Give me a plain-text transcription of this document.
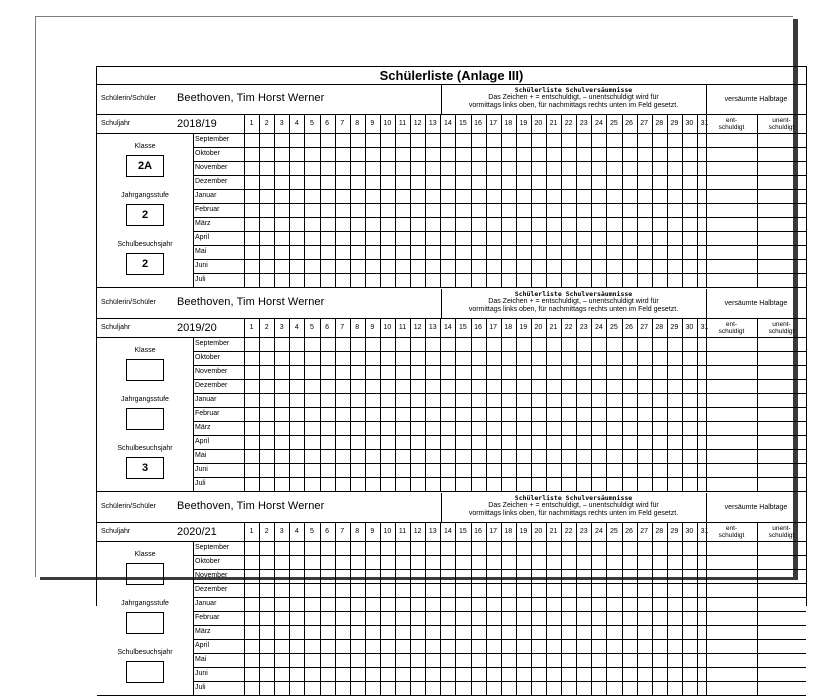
Schülerliste (Anlage III)
Schülerin/Schüler Beethoven, Tim Horst Werner
Schülerliste Schulversäumnisse
Das Zeichen + = entschuldigt, – unentschuldigt wird für
vormittags links oben, für nachmittags rechts unten im Feld gesetzt.
versäumte Halbtage
Schuljahr	2018/19	1	2	3	4	5	6	7	8	9	10	11	12	13	14	15	16	17	18	19	20	21	22	23	24	25	26	27	28	29	30	31	ent-
schuldigt
unent-
schuldigt
September
Oktober
November
Dezember
Januar
Februar
März
April
Mai
Juni
Juli
Klasse
2A
Jahrgangsstufe
2
Schulbesuchsjahr
2
Schülerin/Schüler Beethoven, Tim Horst Werner
Schülerliste Schulversäumnisse
Das Zeichen + = entschuldigt, – unentschuldigt wird für
vormittags links oben, für nachmittags rechts unten im Feld gesetzt.
versäumte Halbtage
Schuljahr	2019/20	1	2	3	4	5	6	7	8	9	10	11	12	13	14	15	16	17	18	19	20	21	22	23	24	25	26	27	28	29	30	31	ent-
schuldigt
unent-
schuldigt
September
Oktober
November
Dezember
Januar
Februar
März
April
Mai
Juni
Juli
Klasse
Jahrgangsstufe
Schulbesuchsjahr
3
Schülerin/Schüler Beethoven, Tim Horst Werner
Schülerliste Schulversäumnisse
Das Zeichen + = entschuldigt, – unentschuldigt wird für
vormittags links oben, für nachmittags rechts unten im Feld gesetzt.
versäumte Halbtage
Schuljahr	2020/21	1	2	3	4	5	6	7	8	9	10	11	12	13	14	15	16	17	18	19	20	21	22	23	24	25	26	27	28	29	30	31	ent-
schuldigt
unent-
schuldigt
September
Oktober
November
Dezember
Januar
Februar
März
April
Mai
Juni
Juli
Klasse
Jahrgangsstufe
Schulbesuchsjahr
